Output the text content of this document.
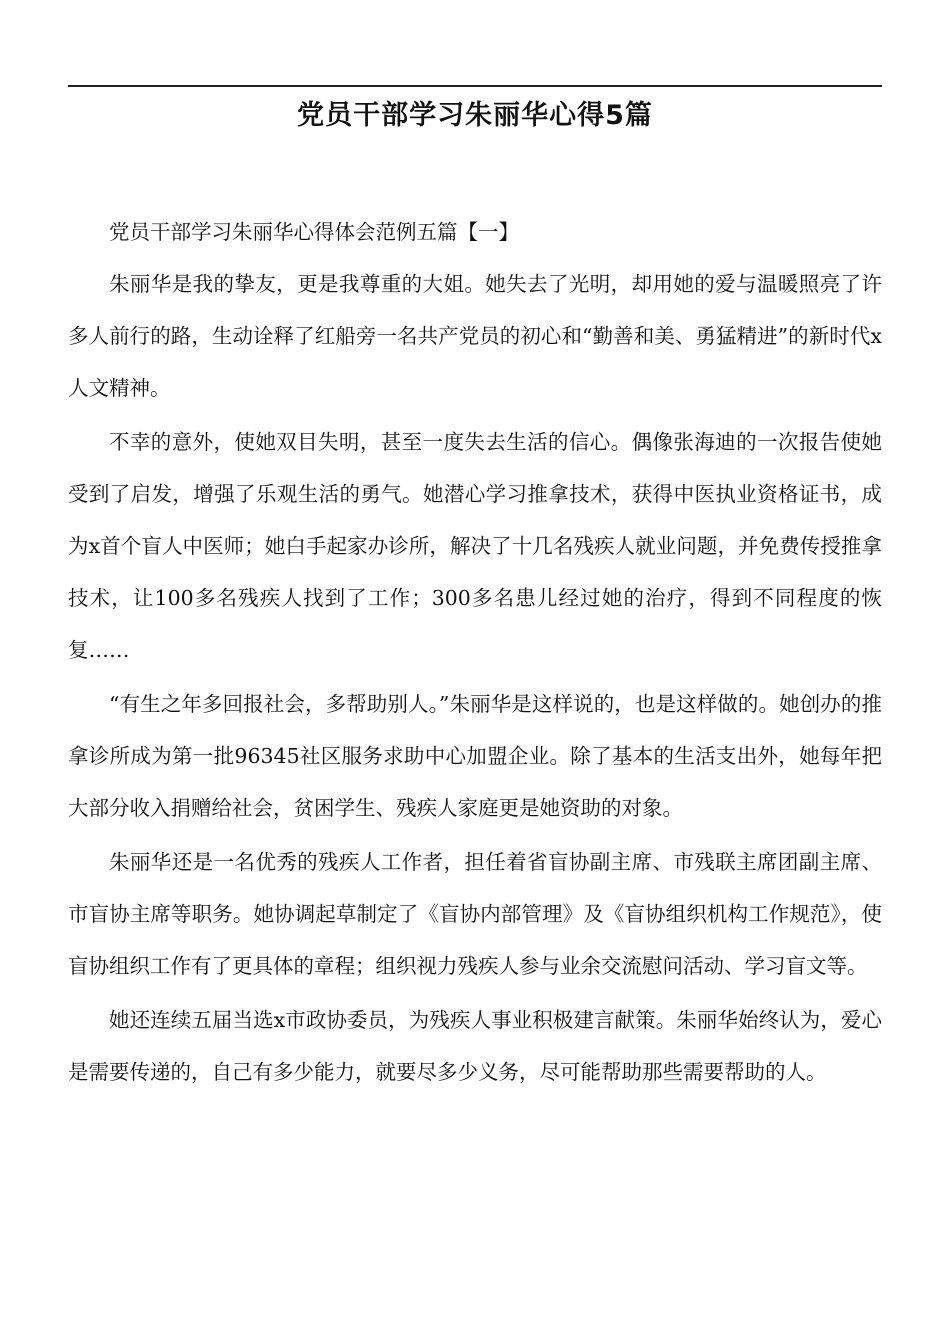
党员干部学习朱丽华心得5篇

党员干部学习朱丽华心得体会范例五篇【一】

朱丽华是我的挚友，更是我尊重的大姐。她失去了光明，却用她的爱与温暖照亮了许多人前行的路，生动诠释了红船旁一名共产党员的初心和“勤善和美、勇猛精进”的新时代x人文精神。

不幸的意外，使她双目失明，甚至一度失去生活的信心。偶像张海迪的一次报告使她受到了启发，增强了乐观生活的勇气。她潜心学习推拿技术，获得中医执业资格证书，成为x首个盲人中医师；她白手起家办诊所，解决了十几名残疾人就业问题，并免费传授推拿技术，让100多名残疾人找到了工作；300多名患儿经过她的治疗，得到不同程度的恢复……

“有生之年多回报社会，多帮助别人。”朱丽华是这样说的，也是这样做的。她创办的推拿诊所成为第一批96345社区服务求助中心加盟企业。除了基本的生活支出外，她每年把大部分收入捐赠给社会，贫困学生、残疾人家庭更是她资助的对象。

朱丽华还是一名优秀的残疾人工作者，担任着省盲协副主席、市残联主席团副主席、市盲协主席等职务。她协调起草制定了《盲协内部管理》及《盲协组织机构工作规范》，使盲协组织工作有了更具体的章程；组织视力残疾人参与业余交流慰问活动、学习盲文等。

她还连续五届当选x市政协委员，为残疾人事业积极建言献策。朱丽华始终认为，爱心是需要传递的，自己有多少能力，就要尽多少义务，尽可能帮助那些需要帮助的人。
